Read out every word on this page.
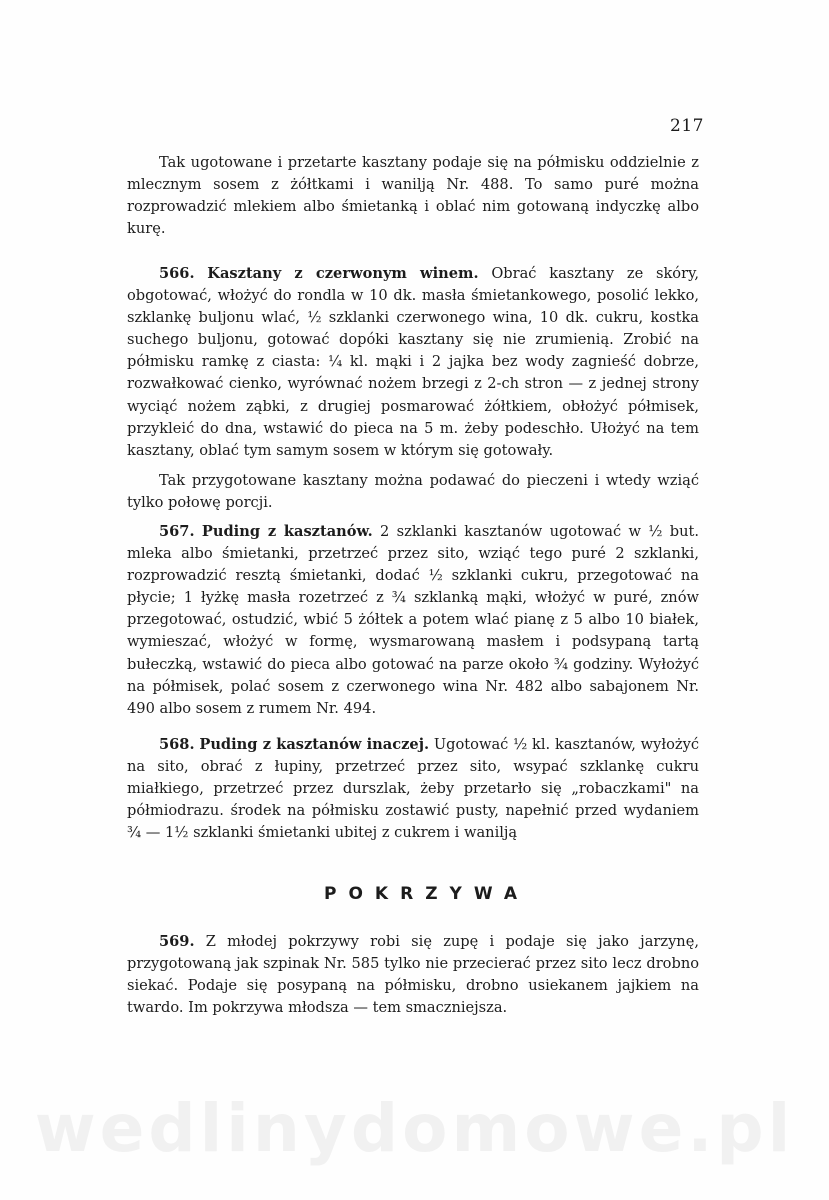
217

Tak ugotowane i przetarte kasztany podaje się na półmisku oddzielnie z mlecznym sosem z żółtkami i wanilją Nr. 488. To samo puré można rozprowadzić mlekiem albo śmietanką i oblać nim gotowaną indyczkę albo kurę.

566. Kasztany z czerwonym winem. Obrać kasztany ze skóry, obgotować, włożyć do rondla w 10 dk. masła śmietankowego, posolić lekko, szklankę buljonu wlać, ½ szklanki czerwonego wina, 10 dk. cukru, kostka suchego buljonu, gotować dopóki kasztany się nie zrumienią. Zrobić na półmisku ramkę z ciasta: ¼ kl. mąki i 2 jajka bez wody zagnieść dobrze, rozwałkować cienko, wyrównać nożem brzegi z 2-ch stron — z jednej strony wyciąć nożem ząbki, z drugiej posmarować żółtkiem, obłożyć półmisek, przykleić do dna, wstawić do pieca na 5 m. żeby podeschło. Ułożyć na tem kasztany, oblać tym samym sosem w którym się gotowały.

Tak przygotowane kasztany można podawać do pieczeni i wtedy wziąć tylko połowę porcji.

567. Puding z kasztanów. 2 szklanki kasztanów ugotować w ½ but. mleka albo śmietanki, przetrzeć przez sito, wziąć tego puré 2 szklanki, rozprowadzić resztą śmietanki, dodać ½ szklanki cukru, przegotować na płycie; 1 łyżkę masła rozetrzeć z ¾ szklanką mąki, włożyć w puré, znów przegotować, ostudzić, wbić 5 żółtek a potem wlać pianę z 5 albo 10 białek, wymieszać, włożyć w formę, wysmarowaną masłem i podsypaną tartą bułeczką, wstawić do pieca albo gotować na parze około ¾ godziny. Wyłożyć na półmisek, polać sosem z czerwonego wina Nr. 482 albo sabajonem Nr. 490 albo sosem z rumem Nr. 494.

568. Puding z kasztanów inaczej. Ugotować ½ kl. kasztanów, wyłożyć na sito, obrać z łupiny, przetrzeć przez sito, wsypać szklankę cukru miałkiego, przetrzeć przez durszlak, żeby przetarło się „robaczkami" na półmiodrazu. środek na półmisku zostawić pusty, napełnić przed wydaniem ¾ — 1½ szklanki śmietanki ubitej z cukrem i wanilją

POKRZYWA

569. Z młodej pokrzywy robi się zupę i podaje się jako jarzynę, przygotowaną jak szpinak Nr. 585 tylko nie przecierać przez sito lecz drobno siekać. Podaje się posypaną na półmisku, drobno usiekanem jajkiem na twardo. Im pokrzywa młodsza — tem smaczniejsza.

wedlinydomowe.pl
